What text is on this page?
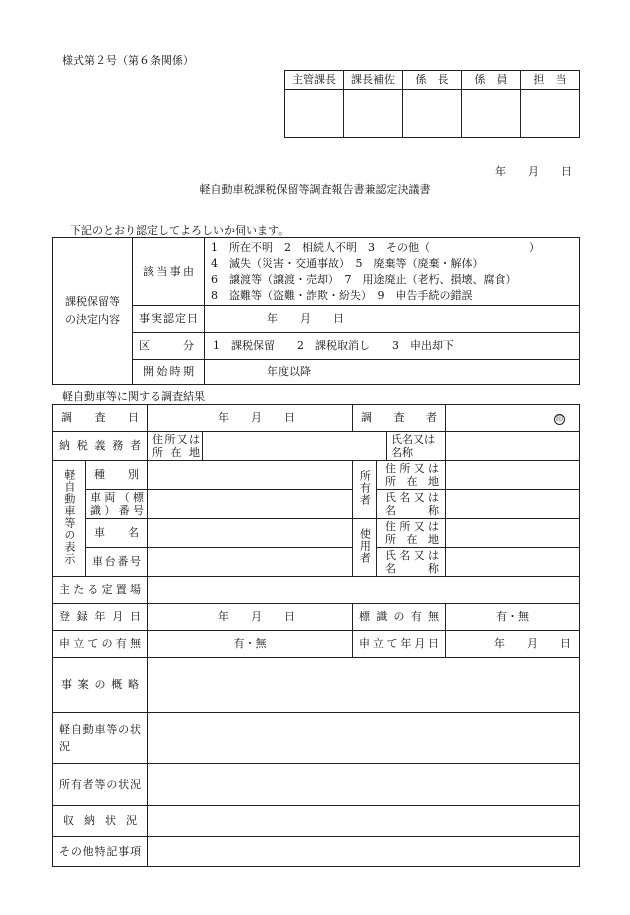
様式第２号（第６条関係）
主管課長	課長補佐	係　長	係　員	担　当

年　　月　　日
軽自動車税課税保留等調査報告書兼認定決議書
下記のとおり認定してよろしいか伺います。
課税保留等の決定内容	該当事由	1　所在不明　2　相続人不明　3　その他（　　　　　　　　　）
4　滅失（災害・交通事故）　5　廃棄等（廃棄・解体）
6　譲渡等（譲渡・売却）　7　用途廃止（老朽、損壊、腐食）
8　盗難等（盗難・詐欺・紛失）　9　申告手続の錯誤

	事実認定日	年　　月　　日
	区　　　分	1　課税保留　　2　課税取消し　　3　申出却下
	開始時期	年度以降
軽自動車等に関する調査結果
調　査　日		年　　月　　日		調　査　者			印
納税義務者		住所又は所在地				氏名又は名称	

軽自動車等の表示	種　　別			所有者	住所又は所在地		

	車両（標識）番号				氏名又は名称		

	車　　名			使用者	住所又は所在地		

	車台番号				氏名又は名称		

主たる定置場							
登録年月日		年　　月　　日		標識の有無			有・無
申立ての有無		有・無		申立て年月日			年　　月　　日
事案の概略							

軽自動車等の状　　況							

所有者等の状況							
収納状況							
その他特記事項							
